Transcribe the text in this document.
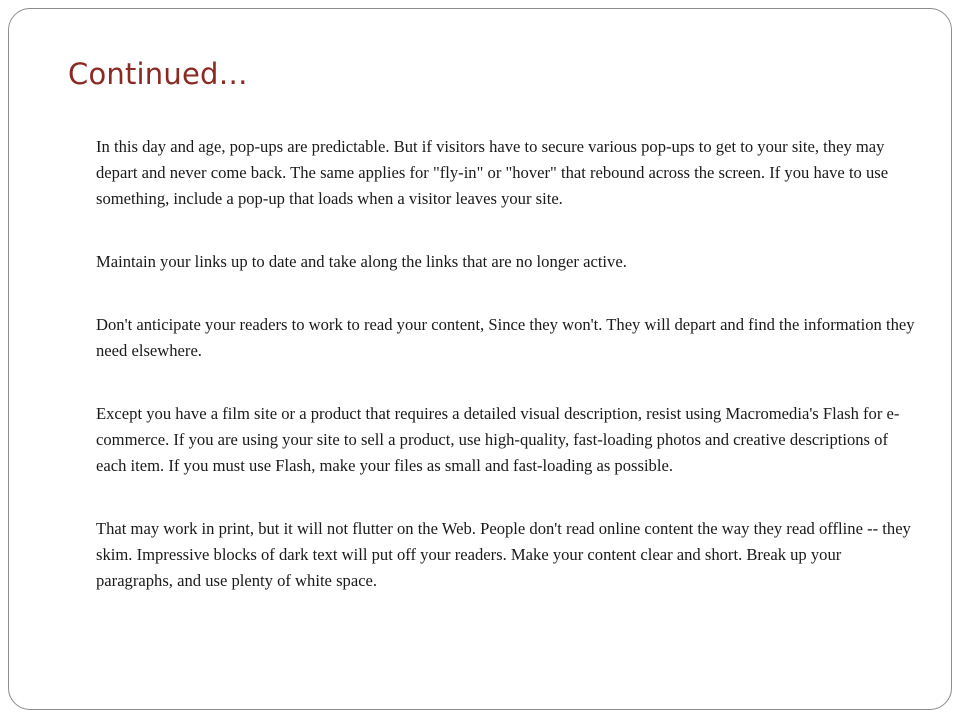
Continued…

In this day and age, pop-ups are predictable. But if visitors have to secure various pop-ups to get to your site, they may depart and never come back. The same applies for "fly-in" or "hover" that rebound across the screen. If you have to use something, include a pop-up that loads when a visitor leaves your site.

Maintain your links up to date and take along the links that are no longer active.

Don't anticipate your readers to work to read your content, Since they won't. They will depart and find the information they need elsewhere.

Except you have a film site or a product that requires a detailed visual description, resist using Macromedia's Flash for e-commerce. If you are using your site to sell a product, use high-quality, fast-loading photos and creative descriptions of each item. If you must use Flash, make your files as small and fast-loading as possible.

That may work in print, but it will not flutter on the Web. People don't read online content the way they read offline -- they skim. Impressive blocks of dark text will put off your readers. Make your content clear and short. Break up your paragraphs, and use plenty of white space.
